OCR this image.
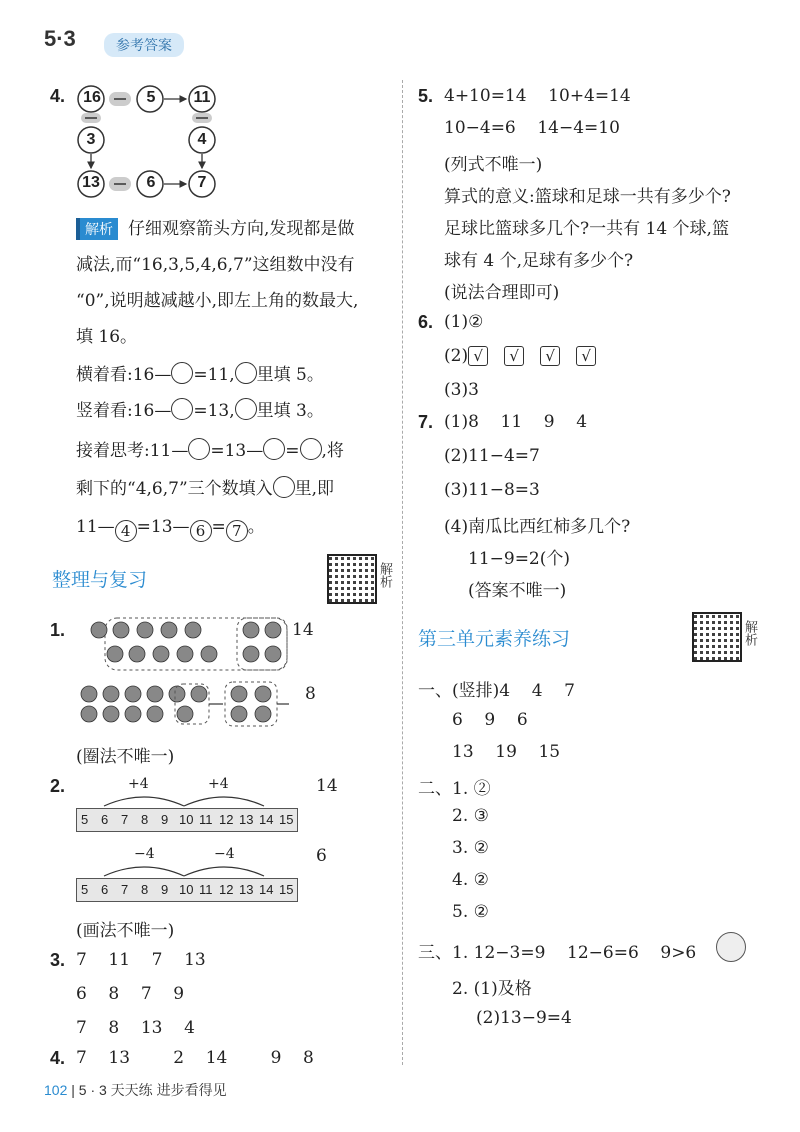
5·3	参考答案
4. 16	5	11
3	4
13	6	7
解析 仔细观察箭头方向,发现都是做
减法,而“16,3,5,4,6,7”这组数中没有
“0”,说明越减越小,即左上角的数最大,
填 16。
横着看:16— =11, 里填 5。
竖着看:16— =13, 里填 3。
接着思考:11— =13— = ,将
剩下的“4,6,7”三个数填入 里,即
11— 4 =13— 6 = 7 。
整理与复习	解析
1.	14
8
(圈法不唯一)
2.	+4	+4	14
5 6 7 8 9 10 11 12 13 14 15
−4	−4	6
5 6 7 8 9 10 11 12 13 14 15
(画法不唯一)
3. 7    11    7    13
6    8    7    9
7    8    13    4
4. 7    13        2    14        9    8
5. 4+10=14    10+4=14
10−4=6    14−4=10
(列式不唯一)
算式的意义:篮球和足球一共有多少个?
足球比篮球多几个?一共有 14 个球,篮
球有 4 个,足球有多少个?
(说法合理即可)
6. (1)②
(2) √ √ √ √
(3)3
7. (1)8    11    9    4
(2)11−4=7
(3)11−8=3
(4)南瓜比西红柿多几个?
11−9=2(个)
(答案不唯一)
第三单元素养练习	解析
一、(竖排)4    4    7
6    9    6
13    19    15
二、1. ②
2. ③
3. ②
4. ②
5. ②
三、1. 12−3=9    12−6=6    9>6
2. (1)及格
(2)13−9=4
102 | 5 · 3 天天练 进步看得见
